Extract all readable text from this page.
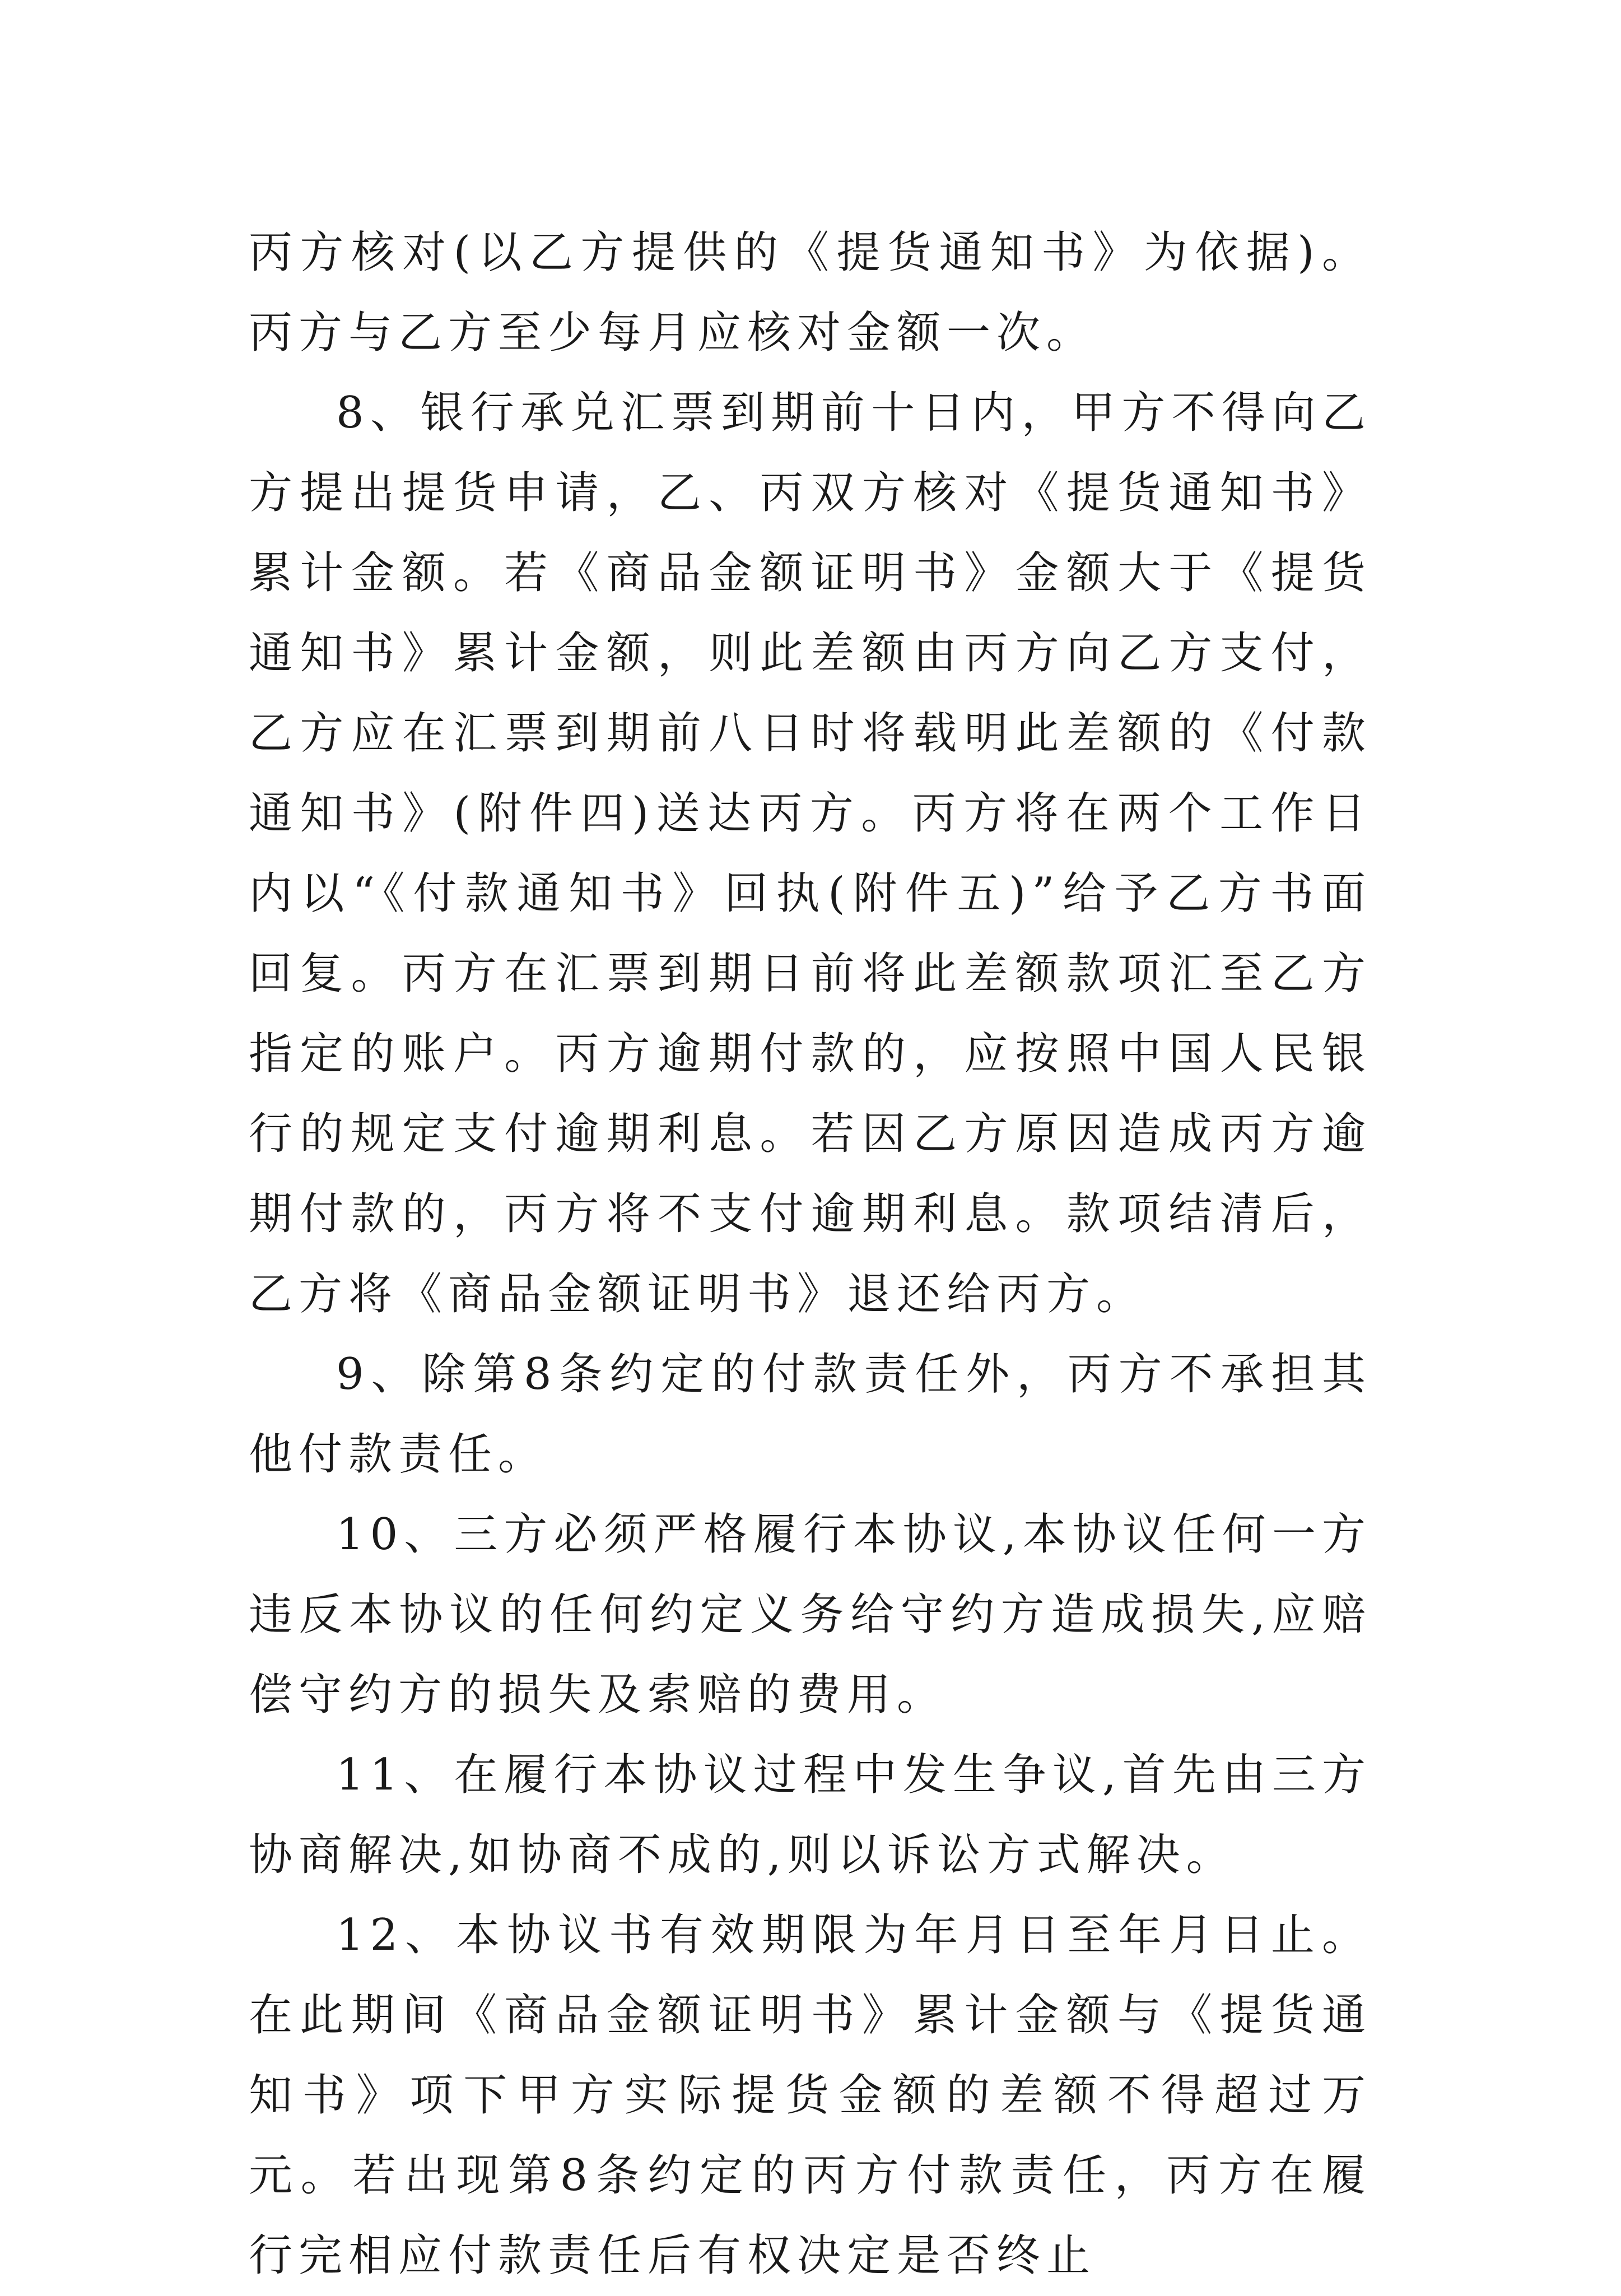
丙方核对(以乙方提供的《提货通知书》为依据)。丙方与乙方至少每月应核对金额一次。

8、银行承兑汇票到期前十日内，甲方不得向乙方提出提货申请，乙、丙双方核对《提货通知书》累计金额。若《商品金额证明书》金额大于《提货通知书》累计金额，则此差额由丙方向乙方支付，乙方应在汇票到期前八日时将载明此差额的《付款通知书》(附件四)送达丙方。丙方将在两个工作日内以“《付款通知书》回执(附件五)”给予乙方书面回复。丙方在汇票到期日前将此差额款项汇至乙方指定的账户。丙方逾期付款的，应按照中国人民银行的规定支付逾期利息。若因乙方原因造成丙方逾期付款的，丙方将不支付逾期利息。款项结清后，乙方将《商品金额证明书》退还给丙方。

9、除第8条约定的付款责任外，丙方不承担其他付款责任。

10、三方必须严格履行本协议,本协议任何一方违反本协议的任何约定义务给守约方造成损失,应赔偿守约方的损失及索赔的费用。

11、在履行本协议过程中发生争议,首先由三方协商解决,如协商不成的,则以诉讼方式解决。

12、本协议书有效期限为年月日至年月日止。在此期间《商品金额证明书》累计金额与《提货通知书》项下甲方实际提货金额的差额不得超过万元。若出现第8条约定的丙方付款责任，丙方在履行完相应付款责任后有权决定是否终止
